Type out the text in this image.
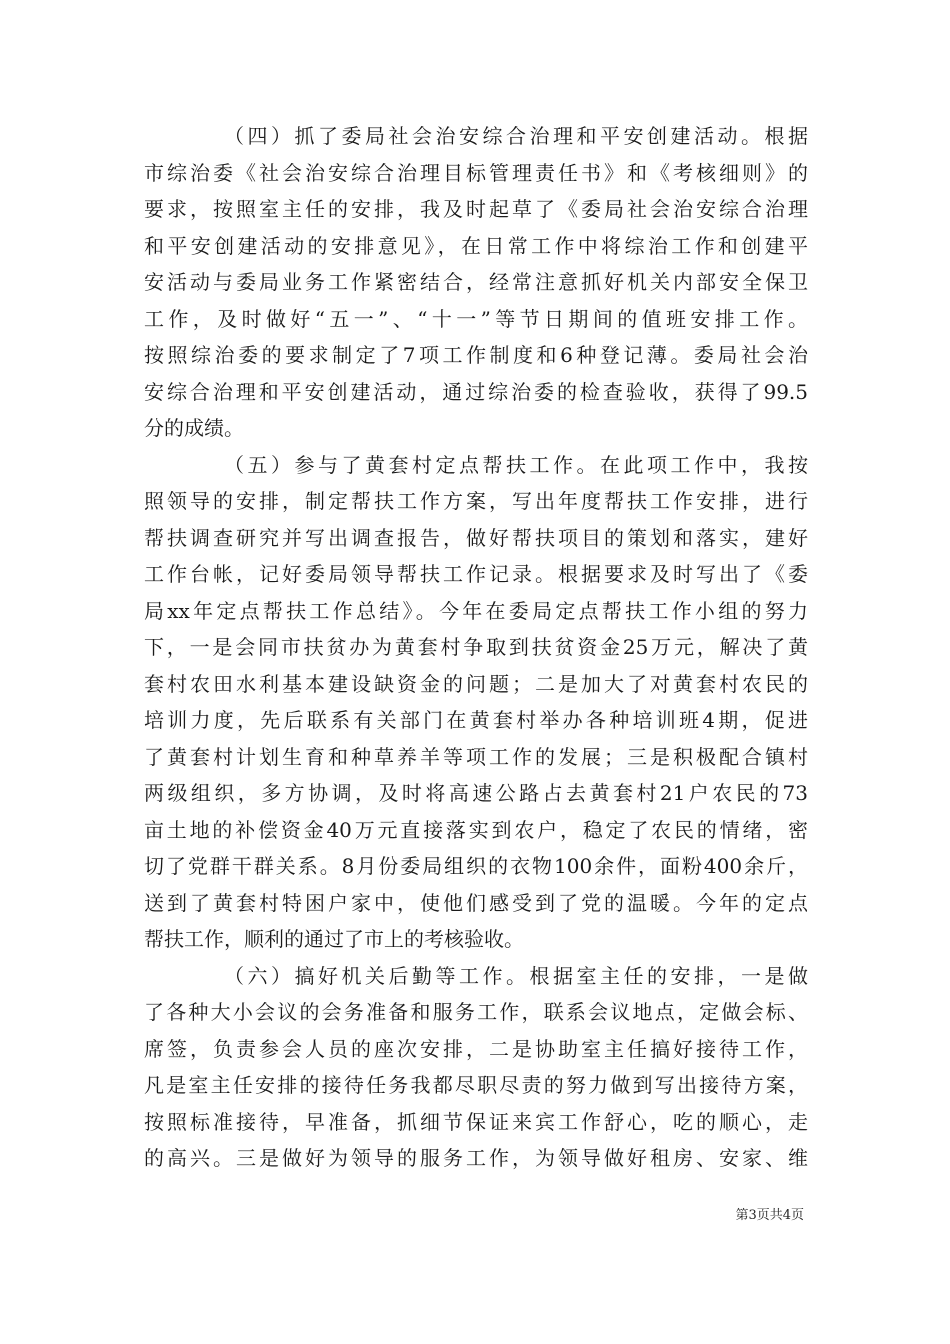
（四）抓了委局社会治安综合治理和平安创建活动。根据
市综治委《社会治安综合治理目标管理责任书》和《考核细则》的
要求，按照室主任的安排，我及时起草了《委局社会治安综合治理
和平安创建活动的安排意见》，在日常工作中将综治工作和创建平
安活动与委局业务工作紧密结合，经常注意抓好机关内部安全保卫
工作，及时做好“五一”、“十一”等节日期间的值班安排工作。
按照综治委的要求制定了7项工作制度和6种登记薄。委局社会治
安综合治理和平安创建活动，通过综治委的检查验收，获得了99.5
分的成绩。
（五）参与了黄套村定点帮扶工作。在此项工作中，我按
照领导的安排，制定帮扶工作方案，写出年度帮扶工作安排，进行
帮扶调查研究并写出调查报告，做好帮扶项目的策划和落实，建好
工作台帐，记好委局领导帮扶工作记录。根据要求及时写出了《委
局xx年定点帮扶工作总结》。今年在委局定点帮扶工作小组的努力
下，一是会同市扶贫办为黄套村争取到扶贫资金25万元，解决了黄
套村农田水利基本建设缺资金的问题；二是加大了对黄套村农民的
培训力度，先后联系有关部门在黄套村举办各种培训班4期，促进
了黄套村计划生育和种草养羊等项工作的发展；三是积极配合镇村
两级组织，多方协调，及时将高速公路占去黄套村21户农民的73
亩土地的补偿资金40万元直接落实到农户，稳定了农民的情绪，密
切了党群干群关系。8月份委局组织的衣物100余件，面粉400余斤，
送到了黄套村特困户家中，使他们感受到了党的温暖。今年的定点
帮扶工作，顺利的通过了市上的考核验收。
（六）搞好机关后勤等工作。根据室主任的安排，一是做
了各种大小会议的会务准备和服务工作，联系会议地点，定做会标、
席签，负责参会人员的座次安排，二是协助室主任搞好接待工作，
凡是室主任安排的接待任务我都尽职尽责的努力做到写出接待方案，
按照标准接待，早准备，抓细节保证来宾工作舒心，吃的顺心，走
的高兴。三是做好为领导的服务工作，为领导做好租房、安家、维
第3页共4页
